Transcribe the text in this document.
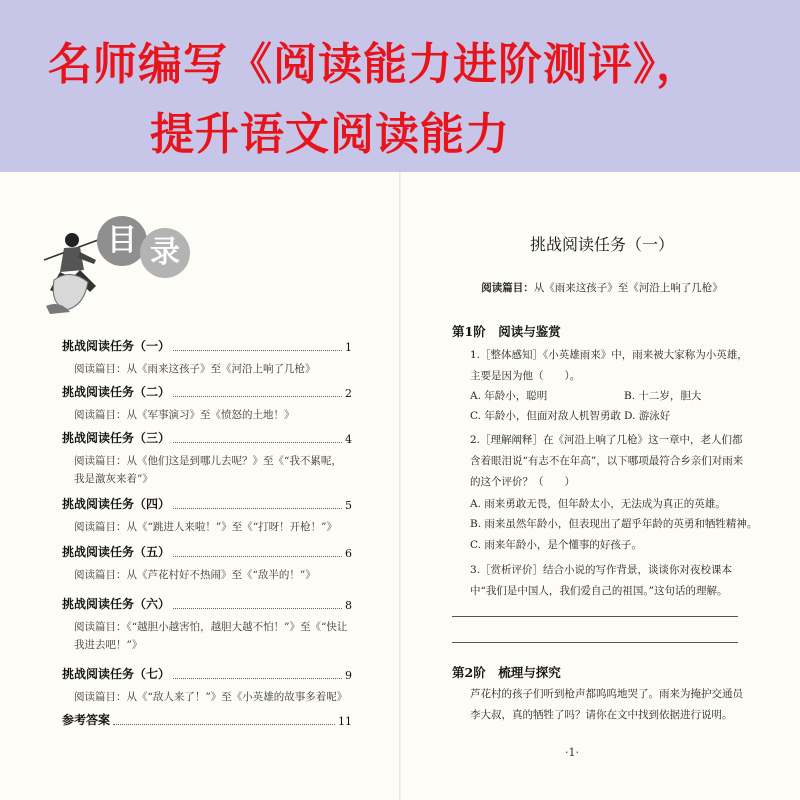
名师编写《阅读能力进阶测评》，
提升语文阅读能力
目 录
挑战阅读任务（一）	1
阅读篇目：从《雨来这孩子》至《河沿上响了几枪》
挑战阅读任务（二）	2
阅读篇目：从《军事演习》至《愤怒的土地！》
挑战阅读任务（三）	4
阅读篇目：从《他们这是到哪儿去呢？》至《“我不累呢，我是激灰来着”》
挑战阅读任务（四）	5
阅读篇目：从《“跳进人来啦！”》至《“打呀！开枪！”》
挑战阅读任务（五）	6
阅读篇目：从《芦花村好不热闹》至《“敌半的！”》
挑战阅读任务（六）	8
阅读篇目：《“越胆小越害怕，越胆大越不怕！”》至《“快让我进去吧！”》
挑战阅读任务（七）	9
阅读篇目：从《“敌人来了！”》至《小英雄的故事多着呢》
参考答案	11
挑战阅读任务（一）
阅读篇目：从《雨来这孩子》至《河沿上响了几枪》
第1阶　阅读与鉴赏
1.［整体感知］《小英雄雨来》中，雨来被大家称为小英雄，主要是因为他（　　）。
A. 年龄小，聪明	B. 十二岁，胆大
C. 年龄小，但面对敌人机智勇敢 D. 游泳好
2.［理解阐释］在《河沿上响了几枪》这一章中，老人们都含着眼泪说“有志不在年高”，以下哪项最符合乡亲们对雨来的这个评价？（　　）
A. 雨来勇敢无畏，但年龄太小，无法成为真正的英雄。
B. 雨来虽然年龄小，但表现出了超乎年龄的英勇和牺牲精神。
C. 雨来年龄小，是个懂事的好孩子。
3.［赏析评价］结合小说的写作背景，谈谈你对夜校课本中“我们是中国人，我们爱自己的祖国。”这句话的理解。
第2阶　梳理与探究
芦花村的孩子们听到枪声都呜呜地哭了。雨来为掩护交通员李大叔，真的牺牲了吗？请你在文中找到依据进行说明。
·1·
